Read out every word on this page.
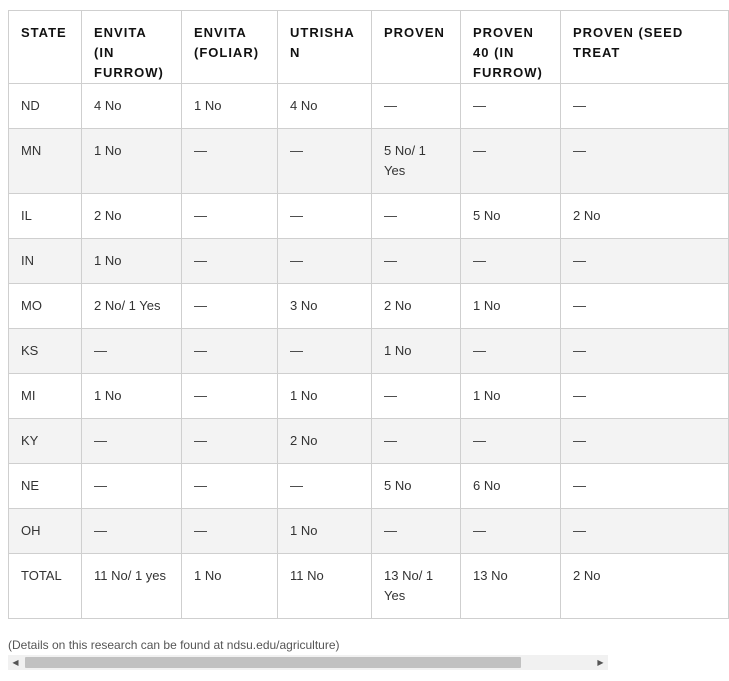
STATE	ENVITA (IN FURROW)	ENVITA (FOLIAR)	UTRISHA N	PROVEN	PROVEN 40 (IN FURROW)	PROVEN (SEED TREAT
ND	4 No	1 No	4 No	—	—	—
MN	1 No	—	—	5 No/ 1 Yes	—	—
IL	2 No	—	—	—	5 No	2 No
IN	1 No	—	—	—	—	—
MO	2 No/ 1 Yes	—	3 No	2 No	1 No	—
KS	—	—	—	1 No	—	—
MI	1 No	—	1 No	—	1 No	—
KY	—	—	2 No	—	—	—
NE	—	—	—	5 No	6 No	—
OH	—	—	1 No	—	—	—
TOTAL	11 No/ 1 yes	1 No	11 No	13 No/ 1 Yes	13 No	2 No
(Details on this research can be found at ndsu.edu/agriculture)
◀	▶
